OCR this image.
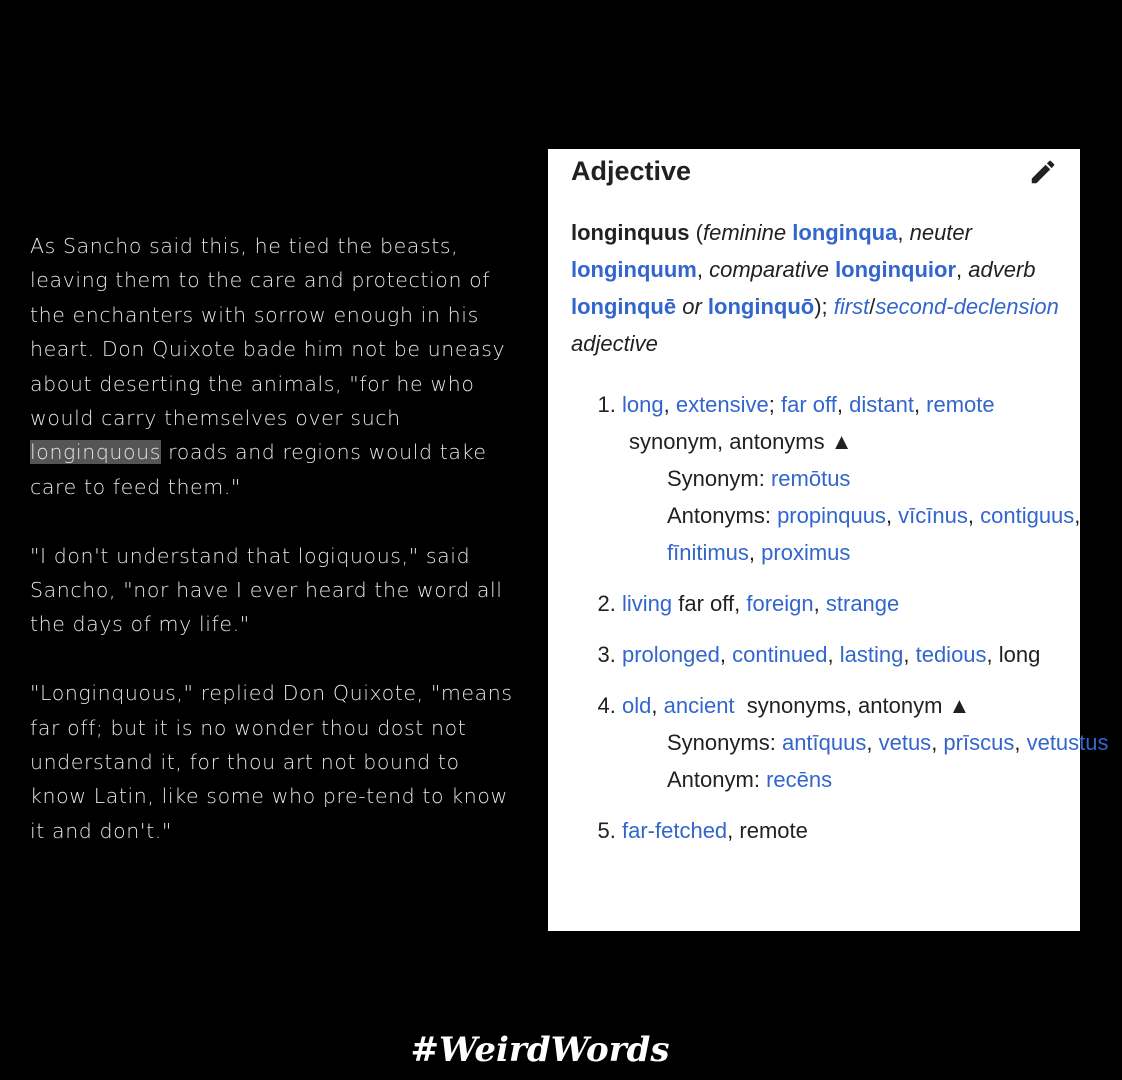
As Sancho said this, he tied the beasts, leaving them to the care and protection of the enchanters with sorrow enough in his heart. Don Quixote bade him not be uneasy about deserting the animals, "for he who would carry themselves over such longinquous roads and regions would take care to feed them."

"I don't understand that logiquous," said Sancho, "nor have I ever heard the word all the days of my life."

"Longinquous," replied Don Quixote, "means far off; but it is no wonder thou dost not understand it, for thou art not bound to know Latin, like some who pre-tend to know it and don't."

Adjective
longinquus (feminine longinqua, neuter longinquum, comparative longinquior, adverb longinquē or longinquō); first/second-declension adjective
1. long, extensive; far off, distant, remote
synonym, antonyms ▲
Synonym: remōtus
Antonyms: propinquus, vīcīnus, contiguus, fīnitimus, proximus
2. living far off, foreign, strange
3. prolonged, continued, lasting, tedious, long
4. old, ancient synonyms, antonym ▲
Synonyms: antīquus, vetus, prīscus, vetustus
Antonym: recēns
5. far-fetched, remote
#WeirdWords
